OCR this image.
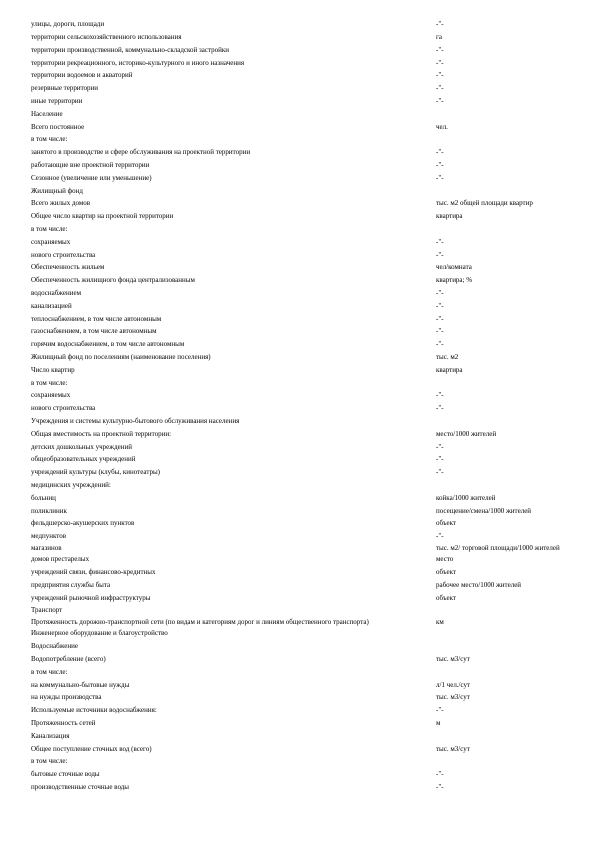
улицы, дороги, площади	-"-
территории сельскохозяйственного использования	га
территории производственной, коммунально-складской застройки	-"-
территории рекреационного, историко-культурного и иного назначения	-"-
территории водоемов и акваторий	-"-
резервные территории	-"-
иные территории	-"-
Население	
Всего постоянное	чел.
в том числе:	
занятого в производстве и сфере обслуживания на проектной территории	-"-
работающие вне проектной территории	-"-
Сезонное (увеличение или уменьшение)	-"-
Жилищный фонд	
Всего жилых домов	тыс. м2 общей площади квартир
Общее число квартир на проектной территории	квартира
в том числе:	
сохраняемых	-"-
нового строительства	-"-
Обеспеченность жильем	чел/комната
Обеспеченность жилищного фонда централизованным	квартира; %
водоснабжением	-"-
канализацией	-"-
теплоснабжением, в том числе автономным	-"-
газоснабжением, в том числе автономным	-"-
горячим водоснабжением, в том числе автономным	-"-
Жилищный фонд по поселениям (наименование поселения)	тыс. м2
Число квартир	квартира
в том числе:	
сохраняемых	-"-
нового строительства	-"-
Учреждения и системы культурно-бытового обслуживания населения	
Общая вместимость на проектной территории:	место/1000 жителей
детских дошкольных учреждений	-"-
общеобразовательных учреждений	-"-
учреждений культуры (клубы, кинотеатры)	-"-
медицинских учреждений:	
больниц	койка/1000 жителей
поликлиник	посещение/смена/1000 жителей
фельдшерско-акушерских пунктов	объект
медпунктов	-"-
магазинов	тыс. м2/ торговой площади/1000 жителей
домов престарелых	место
учреждений связи, финансово-кредитных	объект
предприятия службы быта	рабочее место/1000 жителей
учреждений рыночной инфраструктуры	объект
Транспорт	
Протяженность дорожно-транспортной сети (по видам и категориям дорог и линиям общественного транспорта)	км
Инженерное оборудование и благоустройство	
Водоснабжение	
Водопотребление (всего)	тыс. м3/сут
в том числе:	
на коммунально-бытовые нужды	л/1 чел./сут
на нужды производства	тыс. м3/сут
Используемые источники водоснабжения:	-"-
Протяженность сетей	м
Канализация	
Общее поступление сточных вод (всего)	тыс. м3/сут
в том числе:	
бытовые сточные воды	-"-
производственные сточные воды	-"-
